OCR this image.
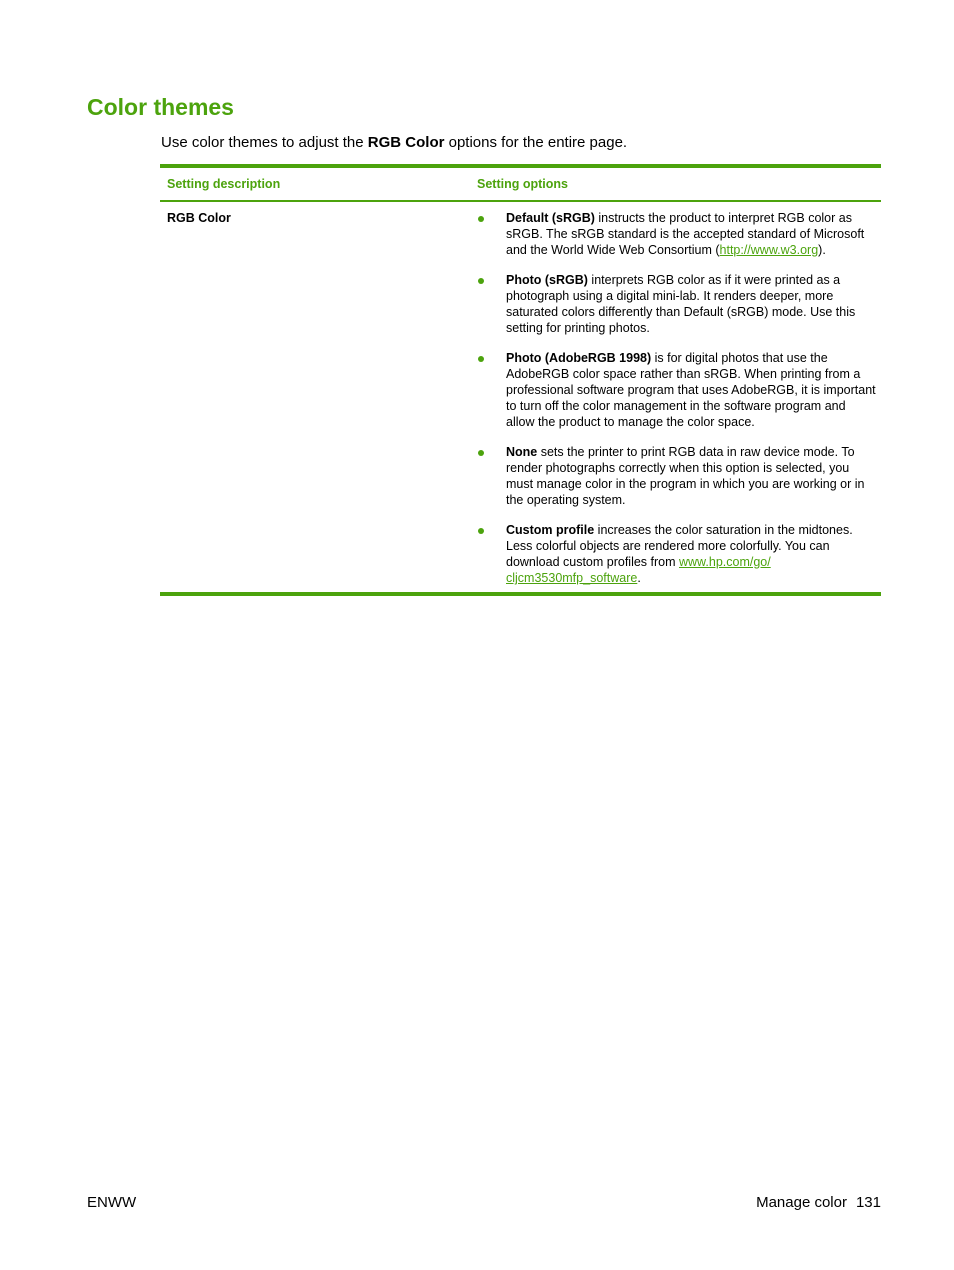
Color themes

Use color themes to adjust the RGB Color options for the entire page.

Setting description	Setting options
RGB Color	Default (sRGB) instructs the product to interpret RGB color as sRGB. The sRGB standard is the accepted standard of Microsoft and the World Wide Web Consortium (http://www.w3.org).
Photo (sRGB) interprets RGB color as if it were printed as a photograph using a digital mini-lab. It renders deeper, more saturated colors differently than Default (sRGB) mode. Use this setting for printing photos.
Photo (AdobeRGB 1998) is for digital photos that use the AdobeRGB color space rather than sRGB. When printing from a professional software program that uses AdobeRGB, it is important to turn off the color management in the software program and allow the product to manage the color space.
None sets the printer to print RGB data in raw device mode. To render photographs correctly when this option is selected, you must manage color in the program in which you are working or in the operating system.
Custom profile increases the color saturation in the midtones. Less colorful objects are rendered more colorfully. You can download custom profiles from www.hp.com/go/
cljcm3530mfp_software.
ENWW	Manage color 131
